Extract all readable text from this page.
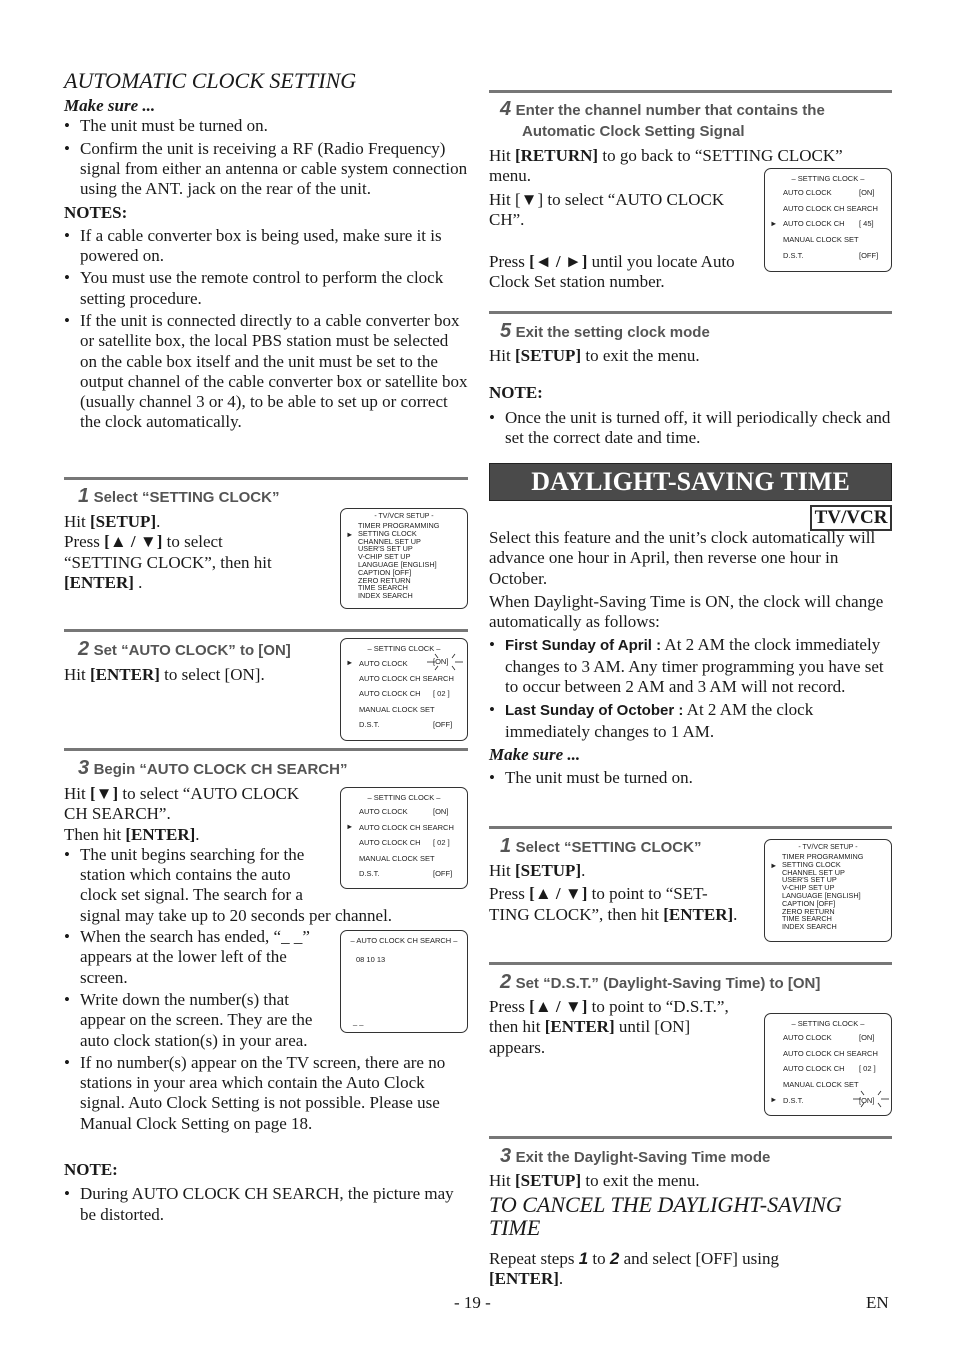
AUTOMATIC CLOCK SETTING

Make sure ...

• The unit must be turned on.

• Confirm the unit is receiving a RF (Radio Frequency) signal from either an antenna or cable system connection using the ANT. jack on the rear of the unit.

NOTES:

• If a cable converter box is being used, make sure it is powered on.

• You must use the remote control to perform the clock setting procedure.

• If the unit is connected directly to a cable converter box or satellite box, the local PBS station must be selected on the cable box itself and the unit must be set to the output channel of the cable converter box or satellite box (usually channel 3 or 4), to be able to set up or correct the clock automatically.

1 Select “SETTING CLOCK”

Hit [SETUP].

Press [▲ / ▼] to select

“SETTING CLOCK”, then hit

[ENTER] .

- TV/VCR SETUP -
►
TIMER PROGRAMMING
SETTING CLOCK
CHANNEL SET UP
USER'S SET UP
V-CHIP SET UP
LANGUAGE [ENGLISH]
CAPTION [OFF]
ZERO RETURN
TIME SEARCH
INDEX SEARCH
2 Set “AUTO CLOCK” to [ON]

Hit [ENTER] to select [ON].

– SETTING CLOCK –
► AUTO CLOCK	[ON]
AUTO CLOCK CH SEARCH
AUTO CLOCK CH [ 02 ]
MANUAL CLOCK SET
D.S.T.	[OFF]
3 Begin “AUTO CLOCK CH SEARCH”

Hit [▼] to select “AUTO CLOCK

CH SEARCH”.

Then hit [ENTER].

• The unit begins searching for the station which contains the auto clock set signal. The search for a

signal may take up to 20 seconds per channel.

• When the search has ended, “_ _” appears at the lower left of the screen.

• Write down the number(s) that appear on the screen. They are the auto clock station(s) in your area.

• If no number(s) appear on the TV screen, there are no stations in your area which contain the Auto Clock signal. Auto Clock Setting is not possible. Please use Manual Clock Setting on page 18.

– SETTING CLOCK –
AUTO CLOCK	[ON]
► AUTO CLOCK CH SEARCH
AUTO CLOCK CH [ 02 ]
MANUAL CLOCK SET
D.S.T.	[OFF]
– AUTO CLOCK CH SEARCH –
08 10 13
_ _

NOTE:

• During AUTO CLOCK CH SEARCH, the picture may be distorted.

4 Enter the channel number that contains the
Automatic Clock Setting Signal

Hit [RETURN] to go back to “SETTING CLOCK”

menu.

Hit [▼] to select “AUTO CLOCK

CH”.

Press [◄ / ►] until you locate Auto

Clock Set station number.

– SETTING CLOCK –
AUTO CLOCK	[ON]
AUTO CLOCK CH SEARCH
► AUTO CLOCK CH [ 45]
MANUAL CLOCK SET
D.S.T.	[OFF]
5 Exit the setting clock mode

Hit [SETUP] to exit the menu.

NOTE:

• Once the unit is turned off, it will periodically check and set the correct date and time.

DAYLIGHT-SAVING TIME
TV/VCR

Select this feature and the unit’s clock automatically will advance one hour in April, then reverse one hour in October.

When Daylight-Saving Time is ON, the clock will change automatically as follows:

• First Sunday of April : At 2 AM the clock immediately changes to 3 AM. Any timer programming you have set to occur between 2 AM and 3 AM will not record.

• Last Sunday of October : At 2 AM the clock immediately changes to 1 AM.

Make sure ...

• The unit must be turned on.

1 Select “SETTING CLOCK”

Hit [SETUP].

Press [▲ / ▼] to point to “SET-

TING CLOCK”, then hit [ENTER].

- TV/VCR SETUP -
►
TIMER PROGRAMMING
SETTING CLOCK
CHANNEL SET UP
USER'S SET UP
V-CHIP SET UP
LANGUAGE [ENGLISH]
CAPTION [OFF]
ZERO RETURN
TIME SEARCH
INDEX SEARCH
2 Set “D.S.T.” (Daylight-Saving Time) to [ON]

Press [▲ / ▼] to point to “D.S.T.”,

then hit [ENTER] until [ON]

appears.

– SETTING CLOCK –
AUTO CLOCK	[ON]
AUTO CLOCK CH SEARCH
AUTO CLOCK CH [ 02 ]
MANUAL CLOCK SET
► D.S.T.	[ON]
3 Exit the Daylight-Saving Time mode

Hit [SETUP] to exit the menu.

TO CANCEL THE DAYLIGHT-SAVING
TIME

Repeat steps 1 to 2 and select [OFF] using

[ENTER].

- 19 -	EN
